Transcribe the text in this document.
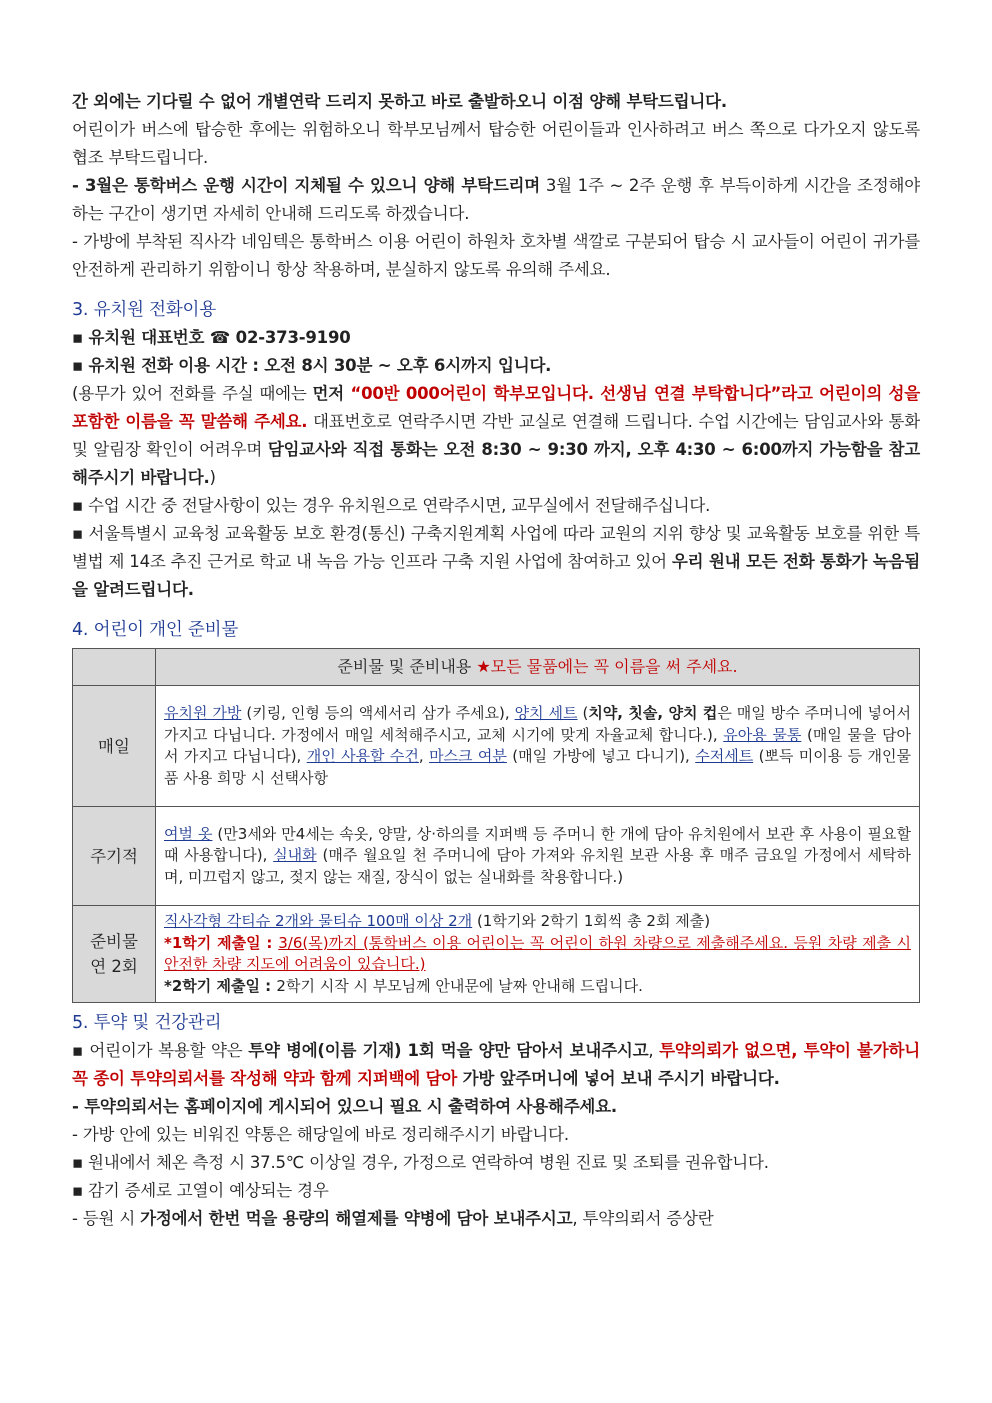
간 외에는 기다릴 수 없어 개별연락 드리지 못하고 바로 출발하오니 이점 양해 부탁드립니다.

어린이가 버스에 탑승한 후에는 위험하오니 학부모님께서 탑승한 어린이들과 인사하려고 버스 쪽으로 다가오지 않도록 협조 부탁드립니다.

- 3월은 통학버스 운행 시간이 지체될 수 있으니 양해 부탁드리며 3월 1주 ~ 2주 운행 후 부득이하게 시간을 조정해야 하는 구간이 생기면 자세히 안내해 드리도록 하겠습니다.

- 가방에 부착된 직사각 네임텍은 통학버스 이용 어린이 하원차 호차별 색깔로 구분되어 탑승 시 교사들이 어린이 귀가를 안전하게 관리하기 위함이니 항상 착용하며, 분실하지 않도록 유의해 주세요.

3. 유치원 전화이용

▪ 유치원 대표번호 ☎ 02-373-9190

▪ 유치원 전화 이용 시간 : 오전 8시 30분 ~ 오후 6시까지 입니다.

(용무가 있어 전화를 주실 때에는 먼저 “00반 000어린이 학부모입니다. 선생님 연결 부탁합니다”라고 어린이의 성을 포함한 이름을 꼭 말씀해 주세요. 대표번호로 연락주시면 각반 교실로 연결해 드립니다. 수업 시간에는 담임교사와 통화 및 알림장 확인이 어려우며 담임교사와 직접 통화는 오전 8:30 ~ 9:30 까지, 오후 4:30 ~ 6:00까지 가능함을 참고해주시기 바랍니다.)

▪ 수업 시간 중 전달사항이 있는 경우 유치원으로 연락주시면, 교무실에서 전달해주십니다.

▪ 서울특별시 교육청 교육활동 보호 환경(통신) 구축지원계획 사업에 따라 교원의 지위 향상 및 교육활동 보호를 위한 특별법 제 14조 추진 근거로 학교 내 녹음 가능 인프라 구축 지원 사업에 참여하고 있어 우리 원내 모든 전화 통화가 녹음됨을 알려드립니다.

4. 어린이 개인 준비물

	준비물 및 준비내용 ★모든 물품에는 꼭 이름을 써 주세요.
매일	유치원 가방 (키링, 인형 등의 액세서리 삼가 주세요), 양치 세트 (치약, 칫솔, 양치 컵은 매일 방수 주머니에 넣어서 가지고 다닙니다. 가정에서 매일 세척해주시고, 교체 시기에 맞게 자율교체 합니다.), 유아용 물통 (매일 물을 담아서 가지고 다닙니다), 개인 사용할 수건, 마스크 여분 (매일 가방에 넣고 다니기), 수저세트 (뽀득 미이용 등 개인물품 사용 희망 시 선택사항
주기적	여벌 옷 (만3세와 만4세는 속옷, 양말, 상·하의를 지퍼백 등 주머니 한 개에 담아 유치원에서 보관 후 사용이 필요할 때 사용합니다), 실내화 (매주 월요일 천 주머니에 담아 가져와 유치원 보관 사용 후 매주 금요일 가정에서 세탁하며, 미끄럽지 않고, 젖지 않는 재질, 장식이 없는 실내화를 착용합니다.)
준비물
연 2회	직사각형 각티슈 2개와 물티슈 100매 이상 2개 (1학기와 2학기 1회씩 총 2회 제출)
*1학기 제출일 : 3/6(목)까지 (통학버스 이용 어린이는 꼭 어린이 하원 차량으로 제출해주세요. 등원 차량 제출 시 안전한 차량 지도에 어려움이 있습니다.)
*2학기 제출일 : 2학기 시작 시 부모님께 안내문에 날짜 안내해 드립니다.

5. 투약 및 건강관리

▪ 어린이가 복용할 약은 투약 병에(이름 기재) 1회 먹을 양만 담아서 보내주시고, 투약의뢰가 없으면, 투약이 불가하니 꼭 종이 투약의뢰서를 작성해 약과 함께 지퍼백에 담아 가방 앞주머니에 넣어 보내 주시기 바랍니다.

- 투약의뢰서는 홈페이지에 게시되어 있으니 필요 시 출력하여 사용해주세요.

- 가방 안에 있는 비워진 약통은 해당일에 바로 정리해주시기 바랍니다.

▪ 원내에서 체온 측정 시 37.5℃ 이상일 경우, 가정으로 연락하여 병원 진료 및 조퇴를 권유합니다.

▪ 감기 증세로 고열이 예상되는 경우

- 등원 시 가정에서 한번 먹을 용량의 해열제를 약병에 담아 보내주시고, 투약의뢰서 증상란
